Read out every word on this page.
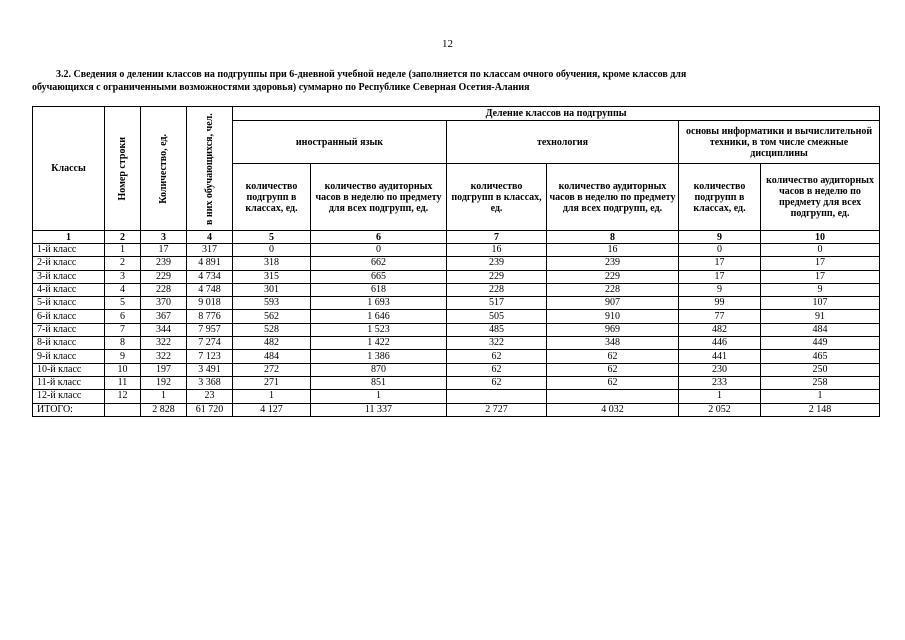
12
3.2. Сведения о делении классов на подгруппы при 6-дневной учебной неделе (заполняется по классам очного обучения, кроме классов для
обучающихся с ограниченными возможностями здоровья) суммарно по Республике Северная Осетия-Алания
Классы	Номер строки	Количество, ед.	в них обучающихся, чел.	Деление классов на подгруппы					
				иностранный язык		технология		основы информатики и вычислительной техники, в том числе смежные дисциплины	
				количество подгрупп в классах, ед.	количество аудиторных часов в неделю по предмету для всех подгрупп, ед.	количество подгрупп в классах, ед.	количество аудиторных часов в неделю по предмету для всех подгрупп, ед.	количество подгрупп в классах, ед.	количество аудиторных часов в неделю по предмету для всех подгрупп, ед.
1	2	3	4	5	6	7	8	9	10
1-й класс	1	17	317	0	0	16	16	0	0
2-й класс	2	239	4 891	318	662	239	239	17	17
3-й класс	3	229	4 734	315	665	229	229	17	17
4-й класс	4	228	4 748	301	618	228	228	9	9
5-й класс	5	370	9 018	593	1 693	517	907	99	107
6-й класс	6	367	8 776	562	1 646	505	910	77	91
7-й класс	7	344	7 957	528	1 523	485	969	482	484
8-й класс	8	322	7 274	482	1 422	322	348	446	449
9-й класс	9	322	7 123	484	1 386	62	62	441	465
10-й класс	10	197	3 491	272	870	62	62	230	250
11-й класс	11	192	3 368	271	851	62	62	233	258
12-й класс	12	1	23	1	1			1	1
ИТОГО:		2 828	61 720	4 127	11 337	2 727	4 032	2 052	2 148
